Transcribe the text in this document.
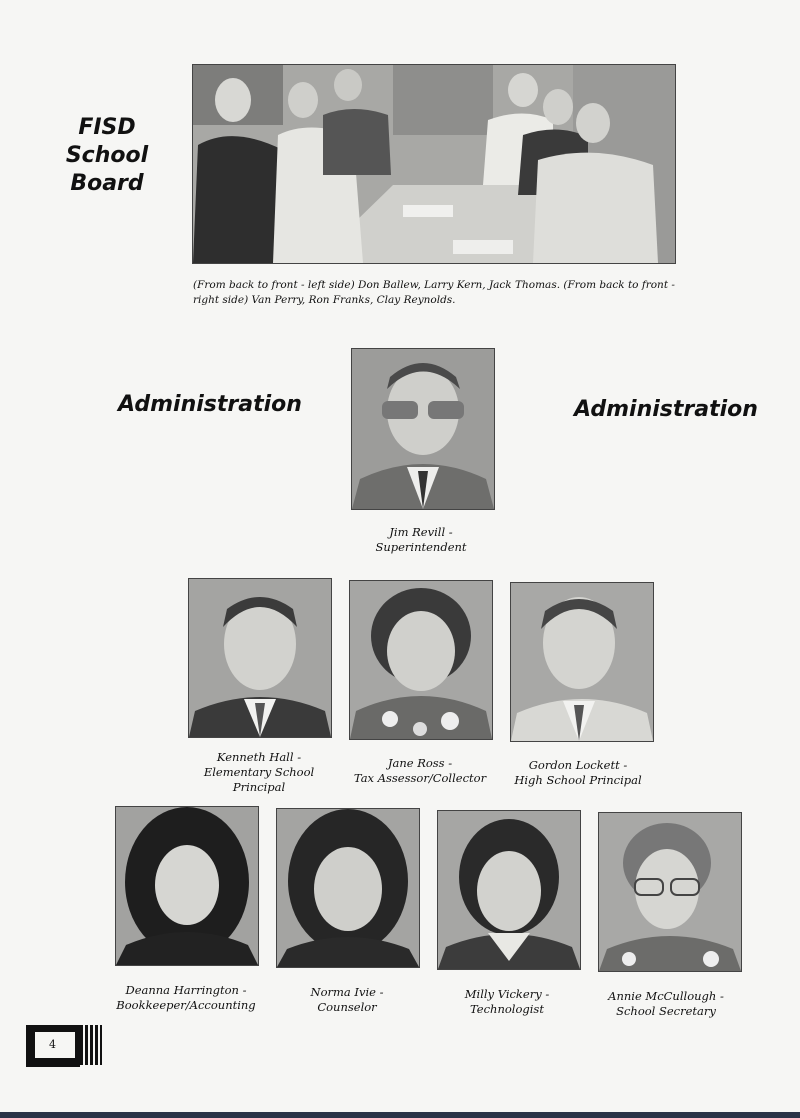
FISD
School
Board
(From back to front - left side) Don Ballew, Larry Kern, Jack Thomas. (From back to front - right side) Van Perry, Ron Franks, Clay Reynolds.
Administration	Administration
Jim Revill -
Superintendent
Kenneth Hall -
Elementary School
Principal
Jane Ross -
Tax Assessor/Collector
Gordon Lockett -
High School Principal
Deanna Harrington -
Bookkeeper/Accounting
Norma Ivie -
Counselor
Milly Vickery -
Technologist
Annie McCullough -
School Secretary
4
